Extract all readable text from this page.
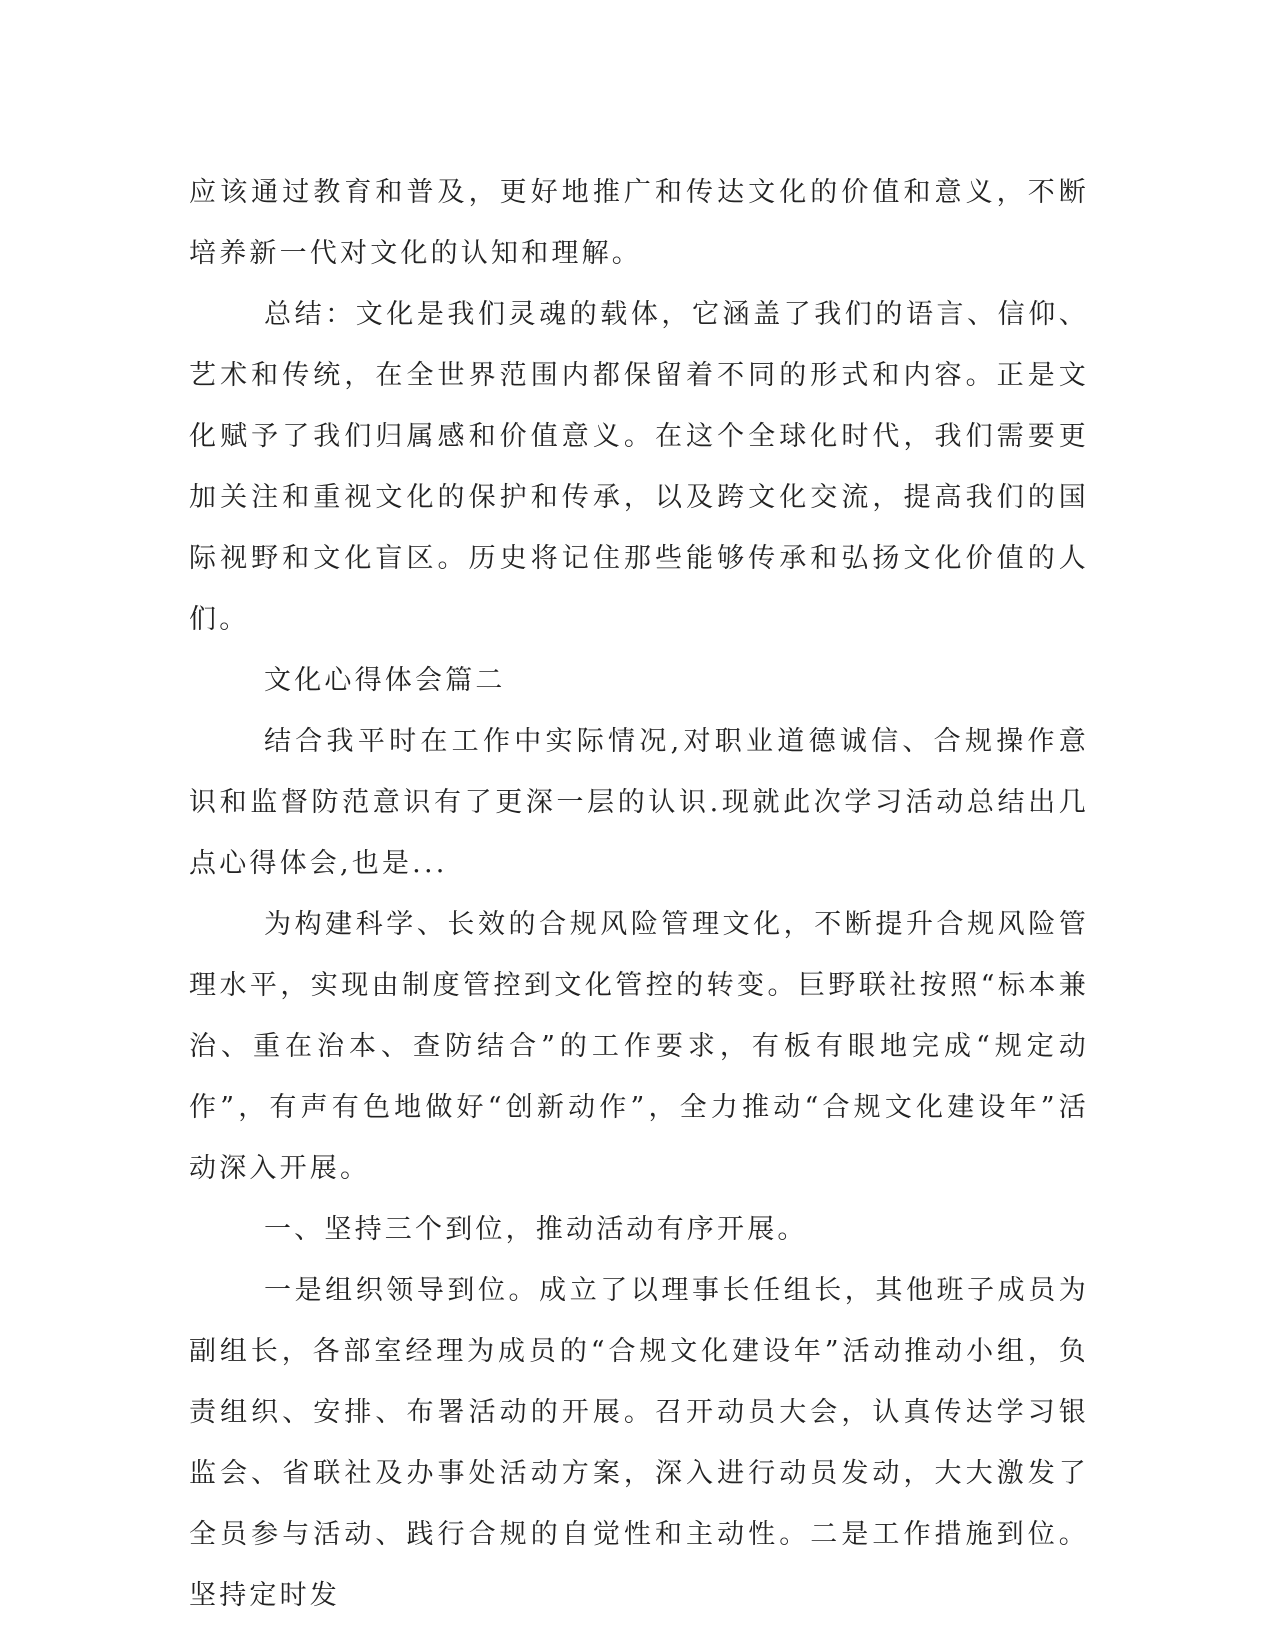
应该通过教育和普及，更好地推广和传达文化的价值和意义，不断培养新一代对文化的认知和理解。

总结：文化是我们灵魂的载体，它涵盖了我们的语言、信仰、艺术和传统，在全世界范围内都保留着不同的形式和内容。正是文化赋予了我们归属感和价值意义。在这个全球化时代，我们需要更加关注和重视文化的保护和传承，以及跨文化交流，提高我们的国际视野和文化盲区。历史将记住那些能够传承和弘扬文化价值的人们。

文化心得体会篇二

结合我平时在工作中实际情况,对职业道德诚信、合规操作意识和监督防范意识有了更深一层的认识.现就此次学习活动总结出几点心得体会,也是...

为构建科学、长效的合规风险管理文化，不断提升合规风险管理水平，实现由制度管控到文化管控的转变。巨野联社按照“标本兼治、重在治本、查防结合”的工作要求，有板有眼地完成“规定动作”，有声有色地做好“创新动作”，全力推动“合规文化建设年”活动深入开展。

一、坚持三个到位，推动活动有序开展。

一是组织领导到位。成立了以理事长任组长，其他班子成员为副组长，各部室经理为成员的“合规文化建设年”活动推动小组，负责组织、安排、布署活动的开展。召开动员大会，认真传达学习银监会、省联社及办事处活动方案，深入进行动员发动，大大激发了全员参与活动、践行合规的自觉性和主动性。二是工作措施到位。坚持定时发
